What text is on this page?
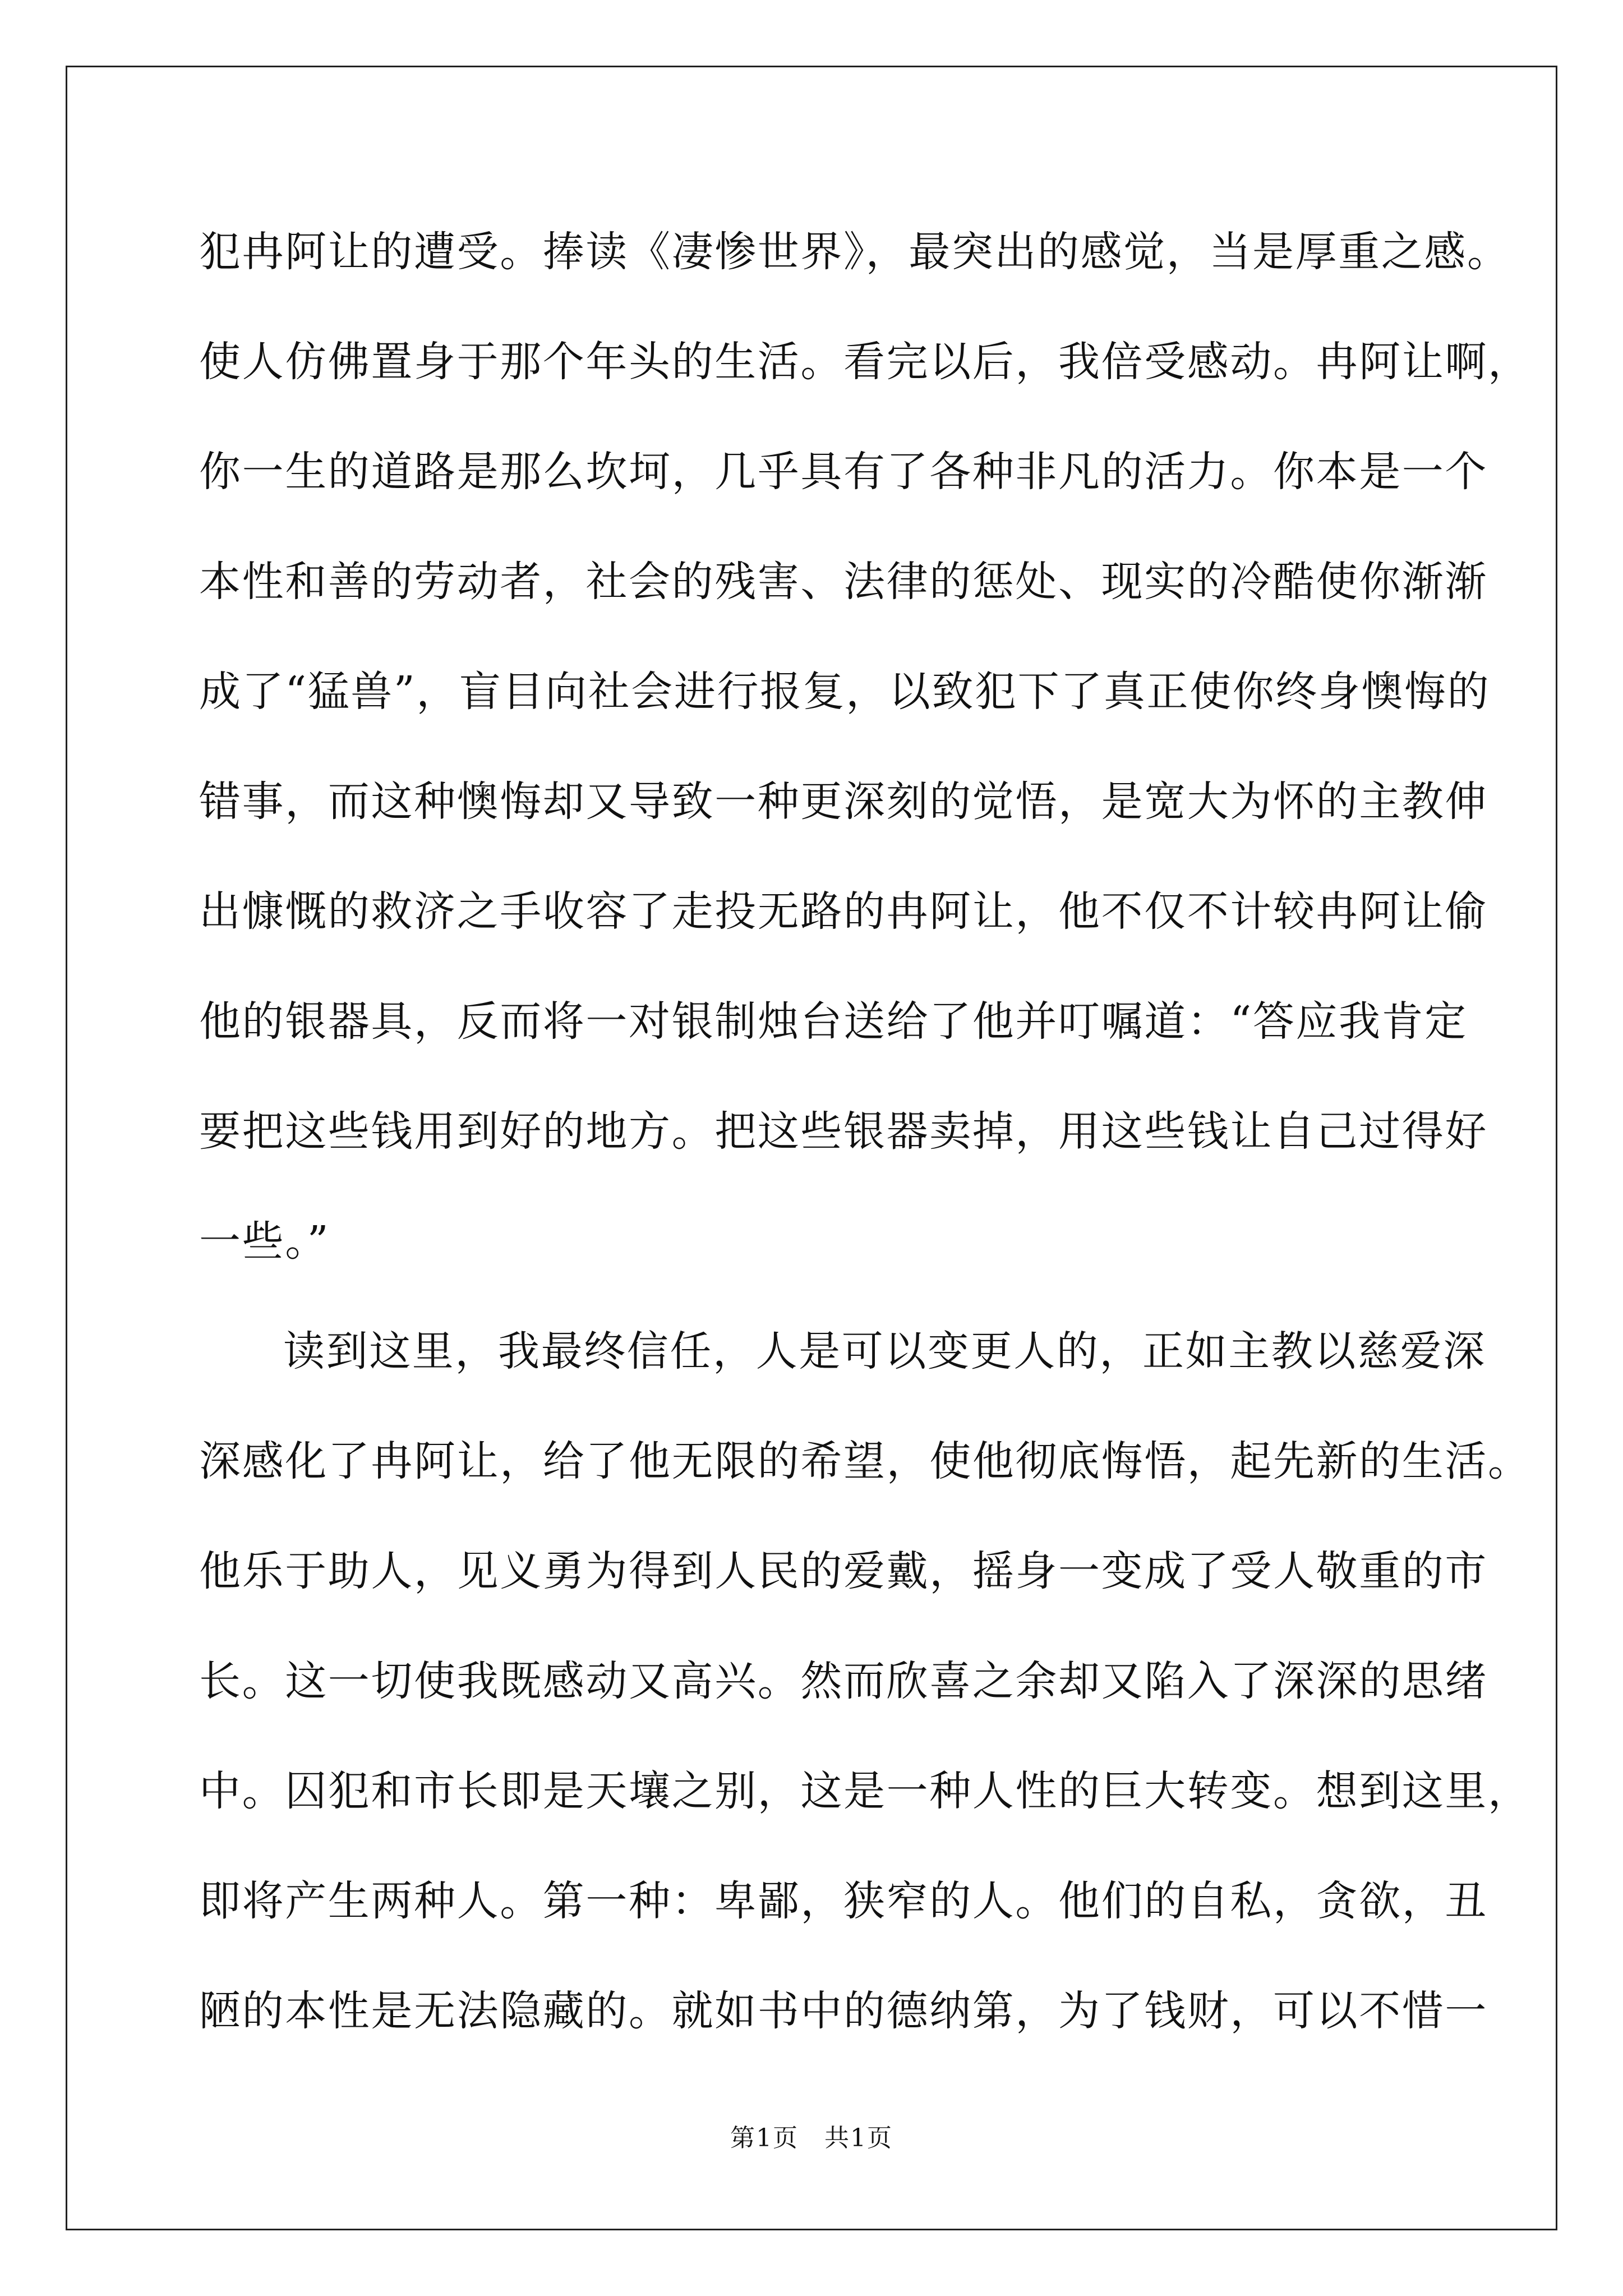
犯冉阿让的遭受。捧读《凄惨世界》，最突出的感觉，当是厚重之感。
使人仿佛置身于那个年头的生活。看完以后，我倍受感动。冉阿让啊，
你一生的道路是那么坎坷，几乎具有了各种非凡的活力。你本是一个
本性和善的劳动者，社会的残害、法律的惩处、现实的冷酷使你渐渐
成了“猛兽”，盲目向社会进行报复，以致犯下了真正使你终身懊悔的
错事，而这种懊悔却又导致一种更深刻的觉悟，是宽大为怀的主教伸
出慷慨的救济之手收容了走投无路的冉阿让，他不仅不计较冉阿让偷
他的银器具，反而将一对银制烛台送给了他并叮嘱道：“答应我肯定
要把这些钱用到好的地方。把这些银器卖掉，用这些钱让自己过得好
一些。”
读到这里，我最终信任，人是可以变更人的，正如主教以慈爱深
深感化了冉阿让，给了他无限的希望，使他彻底悔悟，起先新的生活。
他乐于助人，见义勇为得到人民的爱戴，摇身一变成了受人敬重的市
长。这一切使我既感动又高兴。然而欣喜之余却又陷入了深深的思绪
中。囚犯和市长即是天壤之别，这是一种人性的巨大转变。想到这里，
即将产生两种人。第一种：卑鄙，狭窄的人。他们的自私，贪欲，丑
陋的本性是无法隐藏的。就如书中的德纳第，为了钱财，可以不惜一
第1页 共1页
